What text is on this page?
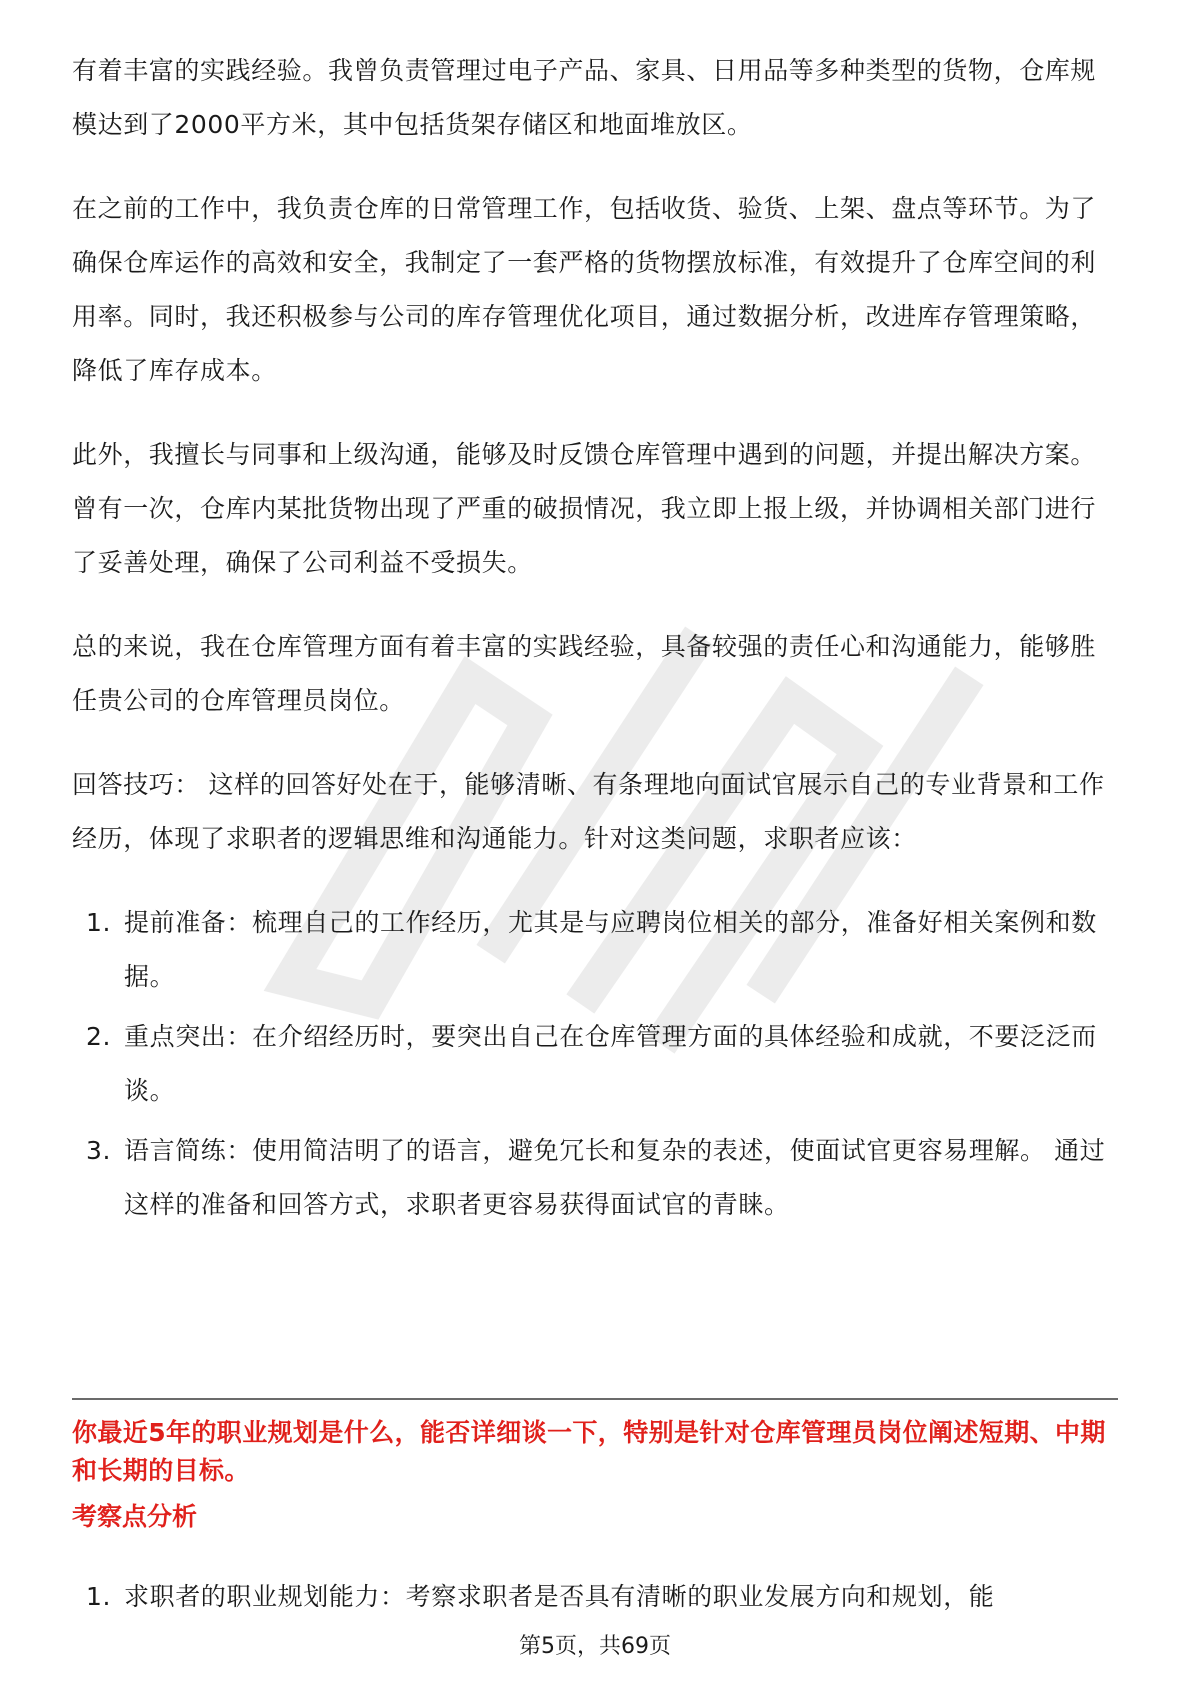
有着丰富的实践经验。我曾负责管理过电子产品、家具、日用品等多种类型的货物，仓库规模达到了2000平方米，其中包括货架存储区和地面堆放区。

在之前的工作中，我负责仓库的日常管理工作，包括收货、验货、上架、盘点等环节。为了确保仓库运作的高效和安全，我制定了一套严格的货物摆放标准，有效提升了仓库空间的利用率。同时，我还积极参与公司的库存管理优化项目，通过数据分析，改进库存管理策略，降低了库存成本。

此外，我擅长与同事和上级沟通，能够及时反馈仓库管理中遇到的问题，并提出解决方案。曾有一次，仓库内某批货物出现了严重的破损情况，我立即上报上级，并协调相关部门进行了妥善处理，确保了公司利益不受损失。

总的来说，我在仓库管理方面有着丰富的实践经验，具备较强的责任心和沟通能力，能够胜任贵公司的仓库管理员岗位。

回答技巧： 这样的回答好处在于，能够清晰、有条理地向面试官展示自己的专业背景和工作经历，体现了求职者的逻辑思维和沟通能力。针对这类问题，求职者应该：

1. 提前准备：梳理自己的工作经历，尤其是与应聘岗位相关的部分，准备好相关案例和数据。
2. 重点突出：在介绍经历时，要突出自己在仓库管理方面的具体经验和成就，不要泛泛而谈。
3. 语言简练：使用简洁明了的语言，避免冗长和复杂的表述，使面试官更容易理解。 通过这样的准备和回答方式，求职者更容易获得面试官的青睐。
你最近5年的职业规划是什么，能否详细谈一下，特别是针对仓库管理员岗位阐述短期、中期和长期的目标。
考察点分析
1. 求职者的职业规划能力：考察求职者是否具有清晰的职业发展方向和规划，能
第5页，共69页
